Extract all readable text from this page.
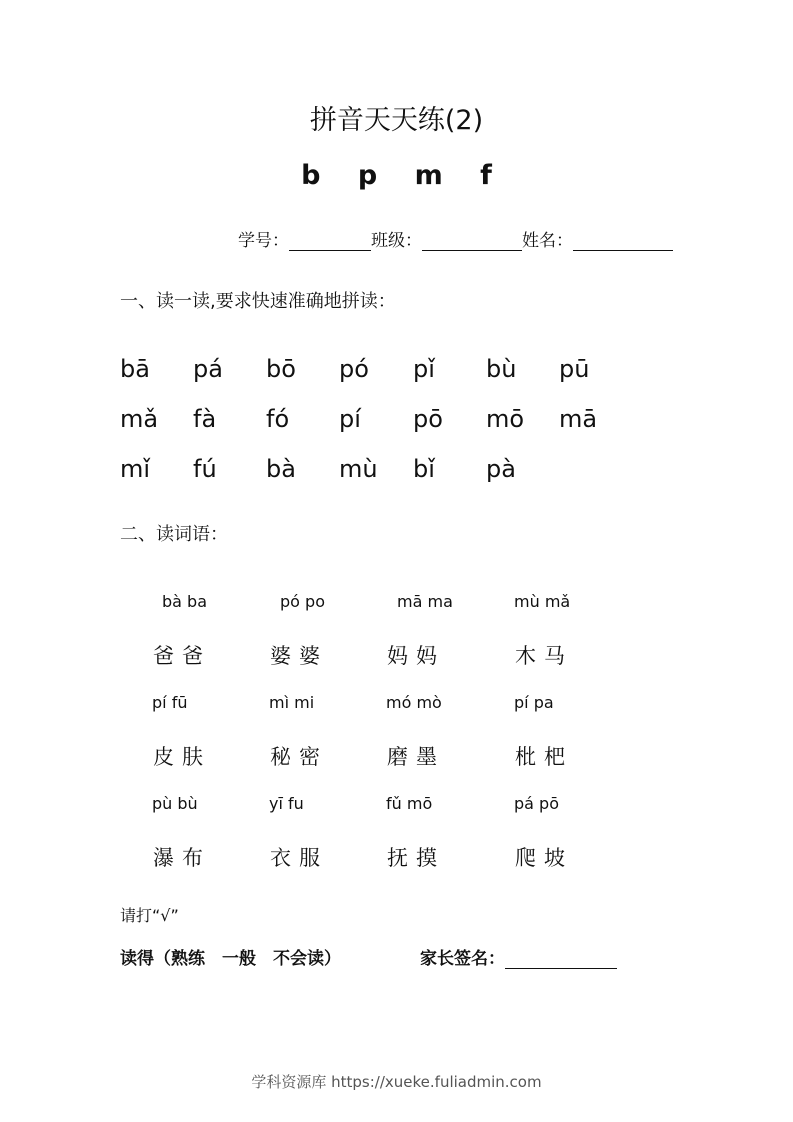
拼音天天练(2)
b p m f
学号：	班级：	姓名：
一、读一读,要求快速准确地拼读：
bā pá bō pó pǐ bù pū
mǎ fà fó pí pō mō mā
mǐ fú bà mù bǐ pà
二、读词语：
bà ba	pó po	mā ma	mù mǎ
爸爸	婆婆	妈妈	木马
pí fū	mì mi	mó mò	pí pa
皮肤	秘密	磨墨	枇杷
pù bù	yī fu	fǔ mō	pá pō
瀑布	衣服	抚摸	爬坡
请打“√”
读得（熟练　一般　不会读）	家长签名：
学科资源库 https://xueke.fuliadmin.com
